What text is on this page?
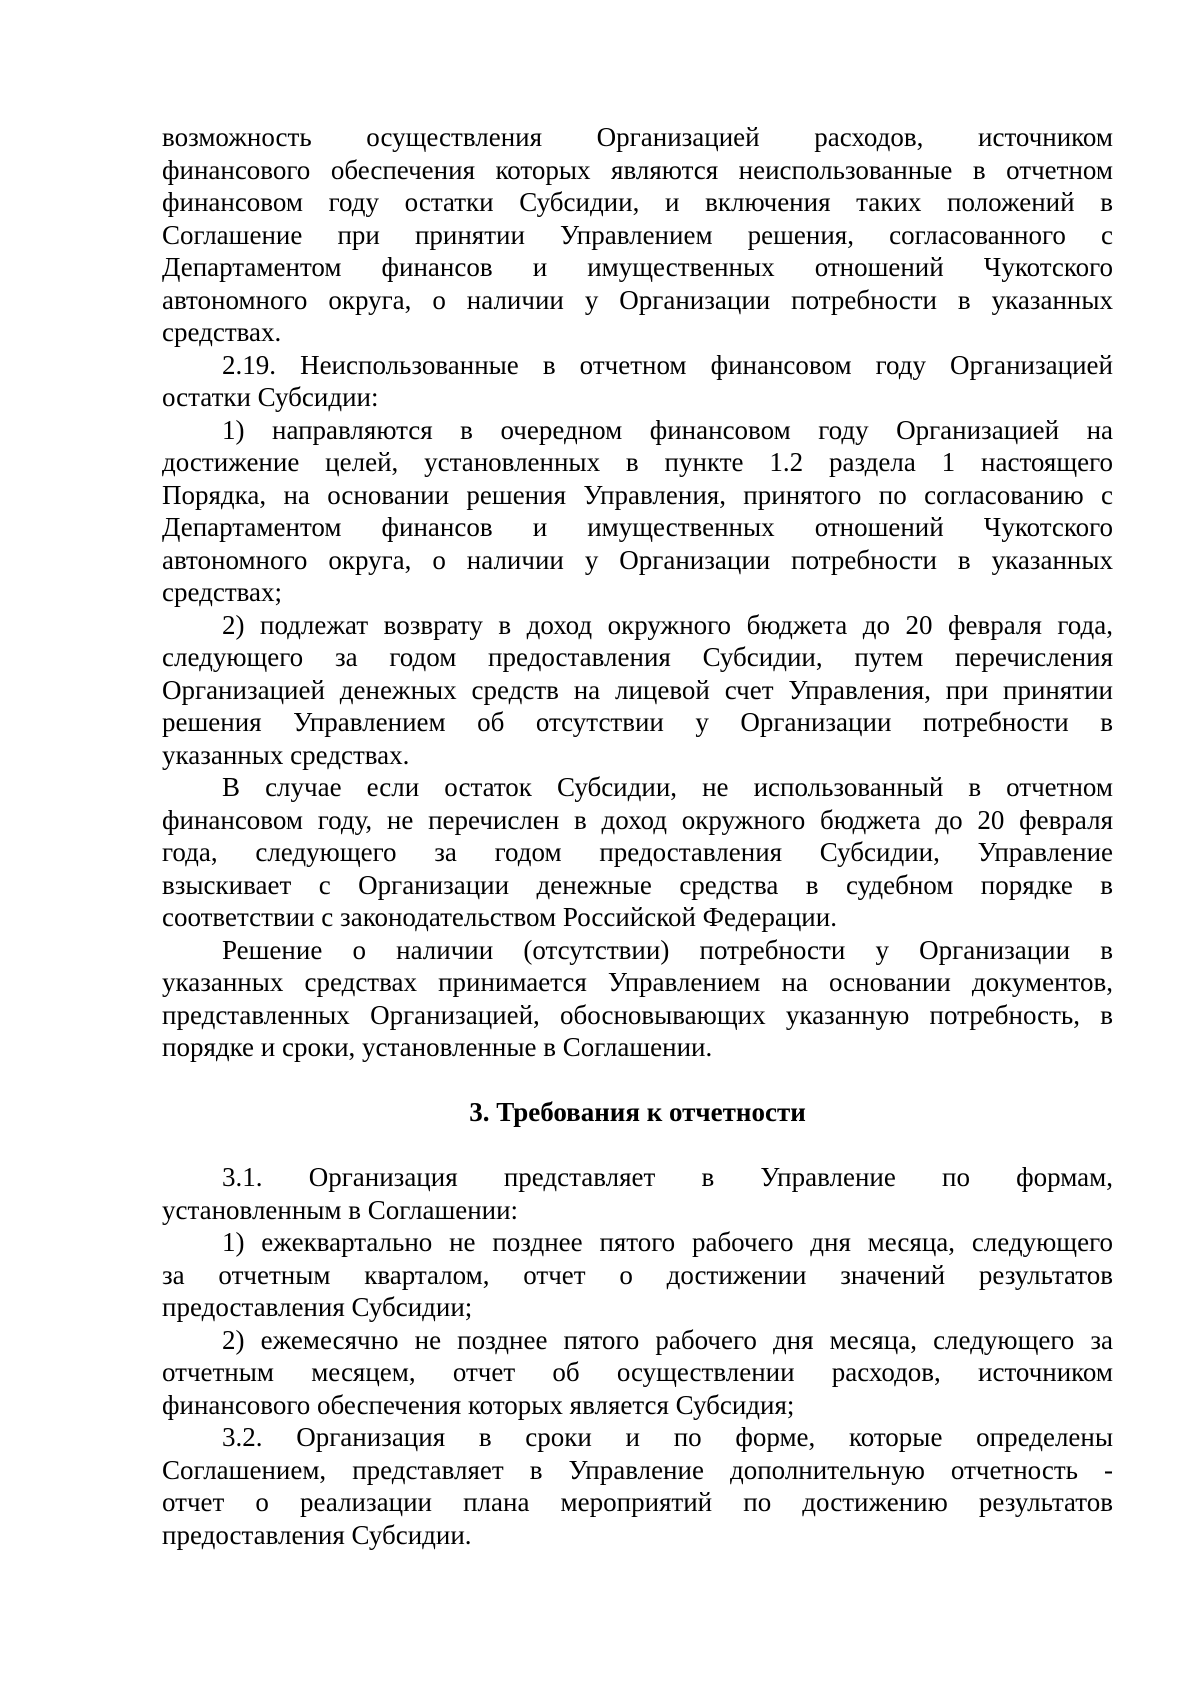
возможность осуществления Организацией расходов, источником
финансового обеспечения которых являются неиспользованные в отчетном
финансовом году остатки Субсидии, и включения таких положений в
Соглашение при принятии Управлением решения, согласованного с
Департаментом финансов и имущественных отношений Чукотского
автономного округа, о наличии у Организации потребности в указанных
средствах.
2.19. Неиспользованные в отчетном финансовом году Организацией
остатки Субсидии:
1) направляются в очередном финансовом году Организацией на
достижение целей, установленных в пункте 1.2 раздела 1 настоящего
Порядка, на основании решения Управления, принятого по согласованию с
Департаментом финансов и имущественных отношений Чукотского
автономного округа, о наличии у Организации потребности в указанных
средствах;
2) подлежат возврату в доход окружного бюджета до 20 февраля года,
следующего за годом предоставления Субсидии, путем перечисления
Организацией денежных средств на лицевой счет Управления, при принятии
решения Управлением об отсутствии у Организации потребности в
указанных средствах.
В случае если остаток Субсидии, не использованный в отчетном
финансовом году, не перечислен в доход окружного бюджета до 20 февраля
года, следующего за годом предоставления Субсидии, Управление
взыскивает с Организации денежные средства в судебном порядке в
соответствии с законодательством Российской Федерации.
Решение о наличии (отсутствии) потребности у Организации в
указанных средствах принимается Управлением на основании документов,
представленных Организацией, обосновывающих указанную потребность, в
порядке и сроки, установленные в Соглашении.
3. Требования к отчетности
3.1. Организация представляет в Управление по формам,
установленным в Соглашении:
1) ежеквартально не позднее пятого рабочего дня месяца, следующего
за отчетным кварталом, отчет о достижении значений результатов
предоставления Субсидии;
2) ежемесячно не позднее пятого рабочего дня месяца, следующего за
отчетным месяцем, отчет об осуществлении расходов, источником
финансового обеспечения которых является Субсидия;
3.2. Организация в сроки и по форме, которые определены
Соглашением, представляет в Управление дополнительную отчетность -
отчет о реализации плана мероприятий по достижению результатов
предоставления Субсидии.
